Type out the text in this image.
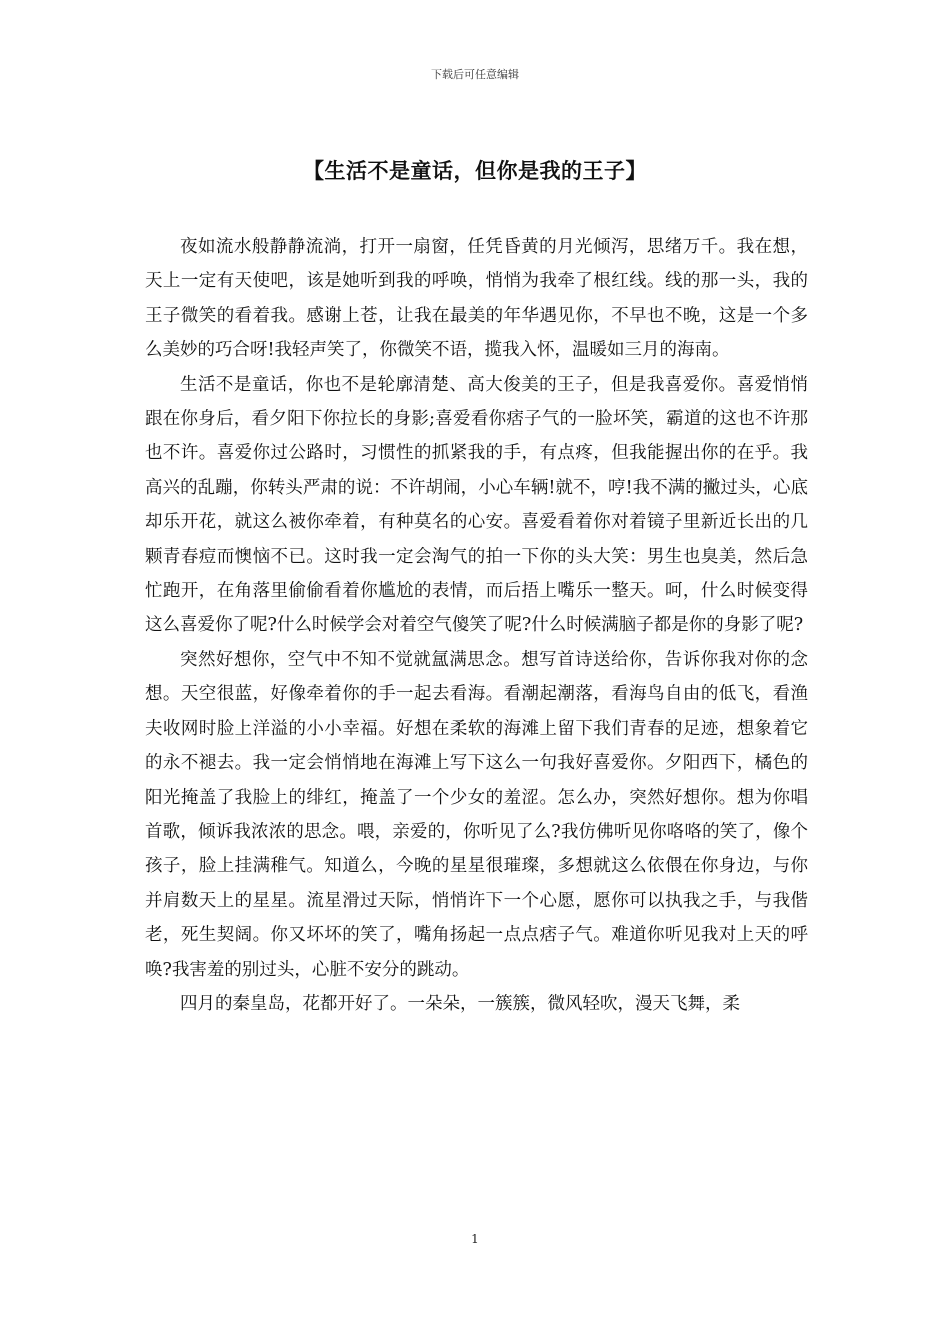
下载后可任意编辑
【生活不是童话，但你是我的王子】

夜如流水般静静流淌，打开一扇窗，任凭昏黄的月光倾泻，思绪万千。我在想，天上一定有天使吧，该是她听到我的呼唤，悄悄为我牵了根红线。线的那一头，我的王子微笑的看着我。感谢上苍，让我在最美的年华遇见你，不早也不晚，这是一个多么美妙的巧合呀!我轻声笑了，你微笑不语，揽我入怀，温暖如三月的海南。

生活不是童话，你也不是轮廓清楚、高大俊美的王子，但是我喜爱你。喜爱悄悄跟在你身后，看夕阳下你拉长的身影;喜爱看你痞子气的一脸坏笑，霸道的这也不许那也不许。喜爱你过公路时，习惯性的抓紧我的手，有点疼，但我能握出你的在乎。我高兴的乱蹦，你转头严肃的说：不许胡闹，小心车辆!就不，哼!我不满的撇过头，心底却乐开花，就这么被你牵着，有种莫名的心安。喜爱看着你对着镜子里新近长出的几颗青春痘而懊恼不已。这时我一定会淘气的拍一下你的头大笑：男生也臭美，然后急忙跑开，在角落里偷偷看着你尴尬的表情，而后捂上嘴乐一整天。呵，什么时候变得这么喜爱你了呢?什么时候学会对着空气傻笑了呢?什么时候满脑子都是你的身影了呢?

突然好想你，空气中不知不觉就氲满思念。想写首诗送给你，告诉你我对你的念想。天空很蓝，好像牵着你的手一起去看海。看潮起潮落，看海鸟自由的低飞，看渔夫收网时脸上洋溢的小小幸福。好想在柔软的海滩上留下我们青春的足迹，想象着它的永不褪去。我一定会悄悄地在海滩上写下这么一句我好喜爱你。夕阳西下，橘色的阳光掩盖了我脸上的绯红，掩盖了一个少女的羞涩。怎么办，突然好想你。想为你唱首歌，倾诉我浓浓的思念。喂，亲爱的，你听见了么?我仿佛听见你咯咯的笑了，像个孩子，脸上挂满稚气。知道么，今晚的星星很璀璨，多想就这么依偎在你身边，与你并肩数天上的星星。流星滑过天际，悄悄许下一个心愿，愿你可以执我之手，与我偕老，死生契阔。你又坏坏的笑了，嘴角扬起一点点痞子气。难道你听见我对上天的呼唤?我害羞的别过头，心脏不安分的跳动。

四月的秦皇岛，花都开好了。一朵朵，一簇簇，微风轻吹，漫天飞舞，柔

1
